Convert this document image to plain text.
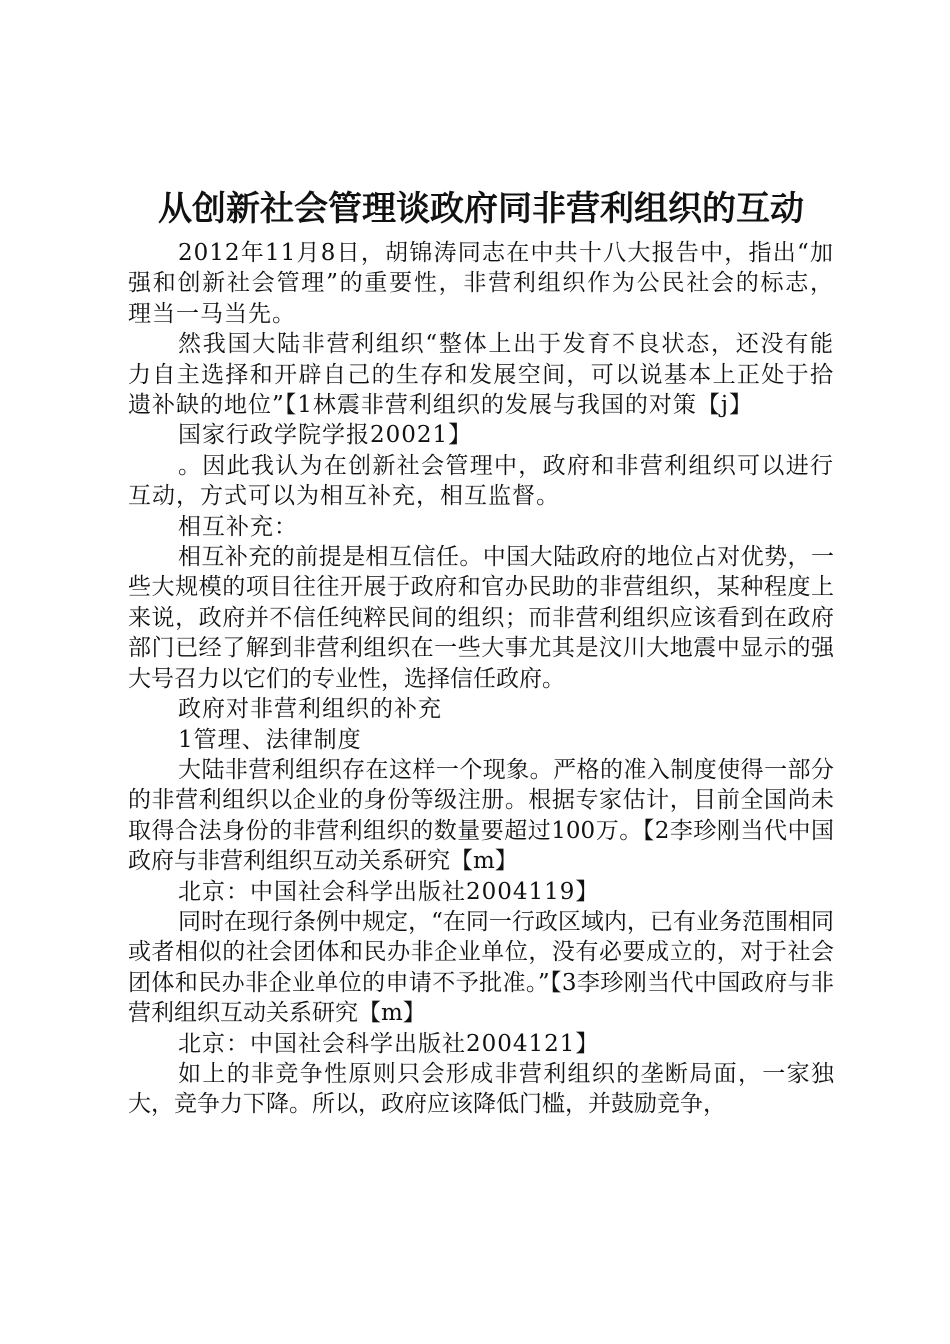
从创新社会管理谈政府同非营利组织的互动

2012年11月8日，胡锦涛同志在中共十八大报告中，指出“加强和创新社会管理”的重要性，非营利组织作为公民社会的标志，理当一马当先。

然我国大陆非营利组织“整体上出于发育不良状态，还没有能力自主选择和开辟自己的生存和发展空间，可以说基本上正处于拾遗补缺的地位”【1林震非营利组织的发展与我国的对策【j】

国家行政学院学报20021】

。因此我认为在创新社会管理中，政府和非营利组织可以进行互动，方式可以为相互补充，相互监督。

相互补充：

相互补充的前提是相互信任。中国大陆政府的地位占对优势，一些大规模的项目往往开展于政府和官办民助的非营组织，某种程度上来说，政府并不信任纯粹民间的组织；而非营利组织应该看到在政府部门已经了解到非营利组织在一些大事尤其是汶川大地震中显示的强大号召力以它们的专业性，选择信任政府。

政府对非营利组织的补充

1管理、法律制度

大陆非营利组织存在这样一个现象。严格的准入制度使得一部分的非营利组织以企业的身份等级注册。根据专家估计，目前全国尚未取得合法身份的非营利组织的数量要超过100万。【2李珍刚当代中国政府与非营利组织互动关系研究【m】

北京：中国社会科学出版社2004119】

同时在现行条例中规定，“在同一行政区域内，已有业务范围相同或者相似的社会团体和民办非企业单位，没有必要成立的，对于社会团体和民办非企业单位的申请不予批准。”【3李珍刚当代中国政府与非营利组织互动关系研究【m】

北京：中国社会科学出版社2004121】

如上的非竞争性原则只会形成非营利组织的垄断局面，一家独大，竞争力下降。所以，政府应该降低门槛，并鼓励竞争，
